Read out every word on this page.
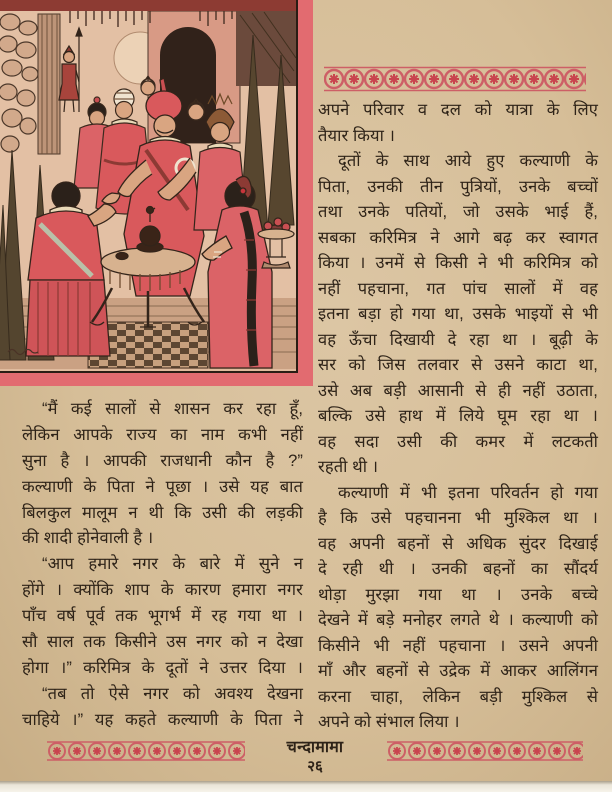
“मैं कई सालों से शासन कर रहा हूँ,
लेकिन आपके राज्य का नाम कभी नहीं
सुना है । आपकी राजधानी कौन है ?”
कल्याणी के पिता ने पूछा । उसे यह बात
बिलकुल मालूम न थी कि उसी की लड़की
की शादी होनेवाली है ।
“आप हमारे नगर के बारे में सुने न
होंगे । क्योंकि शाप के कारण हमारा नगर
पाँच वर्ष पूर्व तक भूगर्भ में रह गया था ।
सौ साल तक किसीने उस नगर को न देखा
होगा ।” करिमित्र के दूतों ने उत्तर दिया ।
“तब तो ऐसे नगर को अवश्य देखना
चाहिये ।” यह कहते कल्याणी के पिता ने
अपने परिवार व दल को यात्रा के लिए
तैयार किया ।
दूतों के साथ आये हुए कल्याणी के
पिता, उनकी तीन पुत्रियों, उनके बच्चों
तथा उनके पतियों, जो उसके भाई हैं,
सबका करिमित्र ने आगे बढ़ कर स्वागत
किया । उनमें से किसी ने भी करिमित्र को
नहीं पहचाना, गत पांच सालों में वह
इतना बड़ा हो गया था, उसके भाइयों से भी
वह ऊँचा दिखायी दे रहा था । बूढ़ी के
सर को जिस तलवार से उसने काटा था,
उसे अब बड़ी आसानी से ही नहीं उठाता,
बल्कि उसे हाथ में लिये घूम रहा था ।
वह सदा उसी की कमर में लटकती
रहती थी ।
कल्याणी में भी इतना परिवर्तन हो गया
है कि उसे पहचानना भी मुश्किल था ।
वह अपनी बहनों से अधिक सुंदर दिखाई
दे रही थी । उनकी बहनों का सौंदर्य
थोड़ा मुरझा गया था । उनके बच्चे
देखने में बड़े मनोहर लगते थे । कल्याणी को
किसीने भी नहीं पहचाना । उसने अपनी
माँ और बहनों से उद्रेक में आकर आलिंगन
करना चाहा, लेकिन बड़ी मुश्किल से
अपने को संभाल लिया ।
चन्दामामा
२६
